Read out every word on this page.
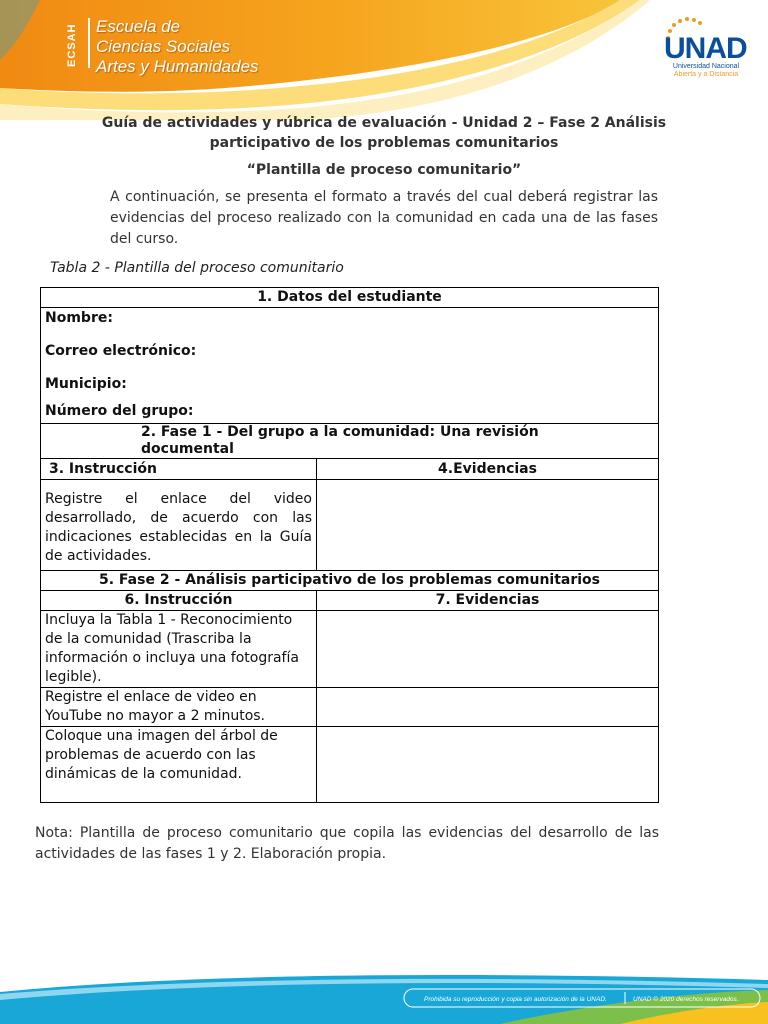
ECSAH	Escuela de
Ciencias Sociales
Artes y Humanidades

UNAD
Universidad Nacional
Abierta y a Distancia

Guía de actividades y rúbrica de evaluación - Unidad 2 – Fase 2 Análisis participativo de los problemas comunitarios

“Plantilla de proceso comunitario”

A continuación, se presenta el formato a través del cual deberá registrar las evidencias del proceso realizado con la comunidad en cada una de las fases del curso.

Tabla 2 - Plantilla del proceso comunitario

1. Datos del estudiante	

Nombre:
Correo electrónico:
Municipio:
Número del grupo:	

2. Fase 1 - Del grupo a la comunidad: Una revisión documental	
3. Instrucción	4.Evidencias
Registre el enlace del video desarrollado, de acuerdo con las indicaciones establecidas en la Guía de actividades.	
5. Fase 2 - Análisis participativo de los problemas comunitarios	
6. Instrucción	7. Evidencias
Incluya la Tabla 1 - Reconocimiento de la comunidad (Trascriba la información o incluya una fotografía legible).	
Registre el enlace de video en YouTube no mayor a 2 minutos.	
Coloque una imagen del árbol de problemas de acuerdo con las dinámicas de la comunidad.	

Nota: Plantilla de proceso comunitario que copila las evidencias del desarrollo de las actividades de las fases 1 y 2. Elaboración propia.

Prohibida su reproducción y copia sin autorización de la UNAD.	UNAD © 2020 derechos reservados.
